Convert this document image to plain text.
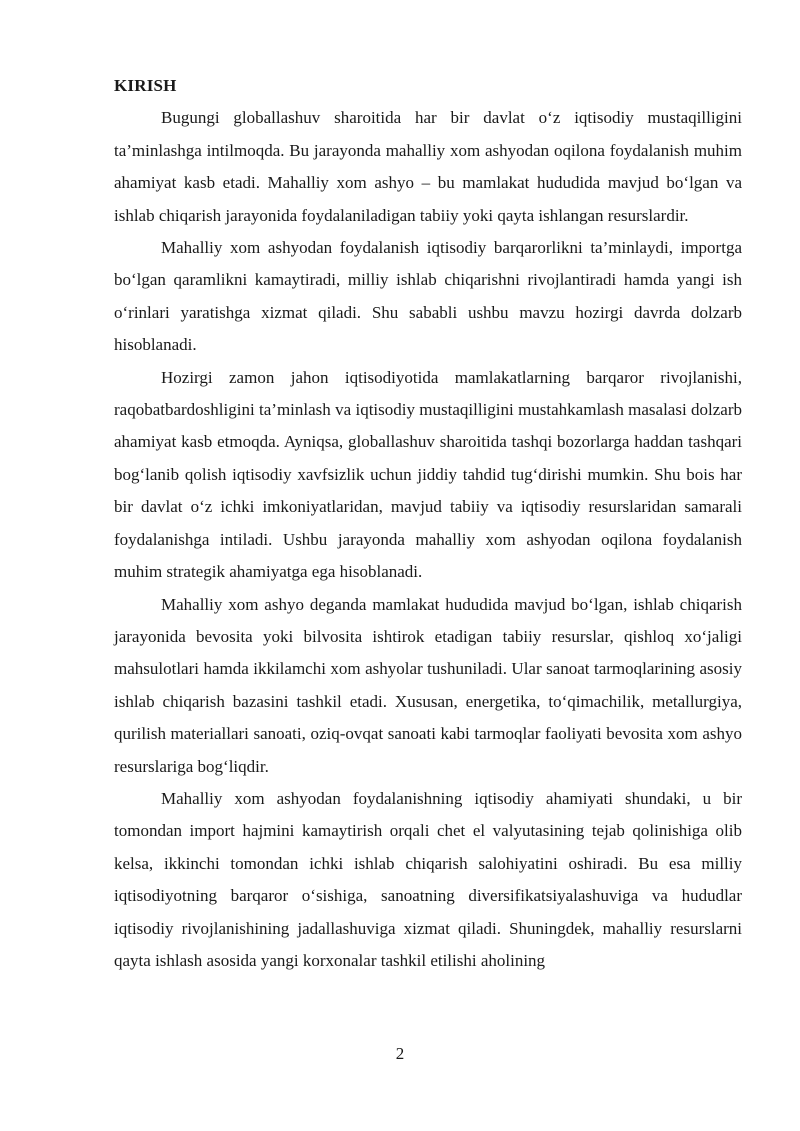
KIRISH

Bugungi globallashuv sharoitida har bir davlat o‘z iqtisodiy mustaqilligini ta’minlashga intilmoqda. Bu jarayonda mahalliy xom ashyodan oqilona foydalanish muhim ahamiyat kasb etadi. Mahalliy xom ashyo – bu mamlakat hududida mavjud bo‘lgan va ishlab chiqarish jarayonida foydalaniladigan tabiiy yoki qayta ishlangan resurslardir.

Mahalliy xom ashyodan foydalanish iqtisodiy barqarorlikni ta’minlaydi, importga bo‘lgan qaramlikni kamaytiradi, milliy ishlab chiqarishni rivojlantiradi hamda yangi ish o‘rinlari yaratishga xizmat qiladi. Shu sababli ushbu mavzu hozirgi davrda dolzarb hisoblanadi.

Hozirgi zamon jahon iqtisodiyotida mamlakatlarning barqaror rivojlanishi, raqobatbardoshligini ta’minlash va iqtisodiy mustaqilligini mustahkamlash masalasi dolzarb ahamiyat kasb etmoqda. Ayniqsa, globallashuv sharoitida tashqi bozorlarga haddan tashqari bog‘lanib qolish iqtisodiy xavfsizlik uchun jiddiy tahdid tug‘dirishi mumkin. Shu bois har bir davlat o‘z ichki imkoniyatlaridan, mavjud tabiiy va iqtisodiy resurslaridan samarali foydalanishga intiladi. Ushbu jarayonda mahalliy xom ashyodan oqilona foydalanish muhim strategik ahamiyatga ega hisoblanadi.

Mahalliy xom ashyo deganda mamlakat hududida mavjud bo‘lgan, ishlab chiqarish jarayonida bevosita yoki bilvosita ishtirok etadigan tabiiy resurslar, qishloq xo‘jaligi mahsulotlari hamda ikkilamchi xom ashyolar tushuniladi. Ular sanoat tarmoqlarining asosiy ishlab chiqarish bazasini tashkil etadi. Xususan, energetika, to‘qimachilik, metallurgiya, qurilish materiallari sanoati, oziq-ovqat sanoati kabi tarmoqlar faoliyati bevosita xom ashyo resurslariga bog‘liqdir.

Mahalliy xom ashyodan foydalanishning iqtisodiy ahamiyati shundaki, u bir tomondan import hajmini kamaytirish orqali chet el valyutasining tejab qolinishiga olib kelsa, ikkinchi tomondan ichki ishlab chiqarish salohiyatini oshiradi. Bu esa milliy iqtisodiyotning barqaror o‘sishiga, sanoatning diversifikatsiyalashuviga va hududlar iqtisodiy rivojlanishining jadallashuviga xizmat qiladi. Shuningdek, mahalliy resurslarni qayta ishlash asosida yangi korxonalar tashkil etilishi aholining

2
